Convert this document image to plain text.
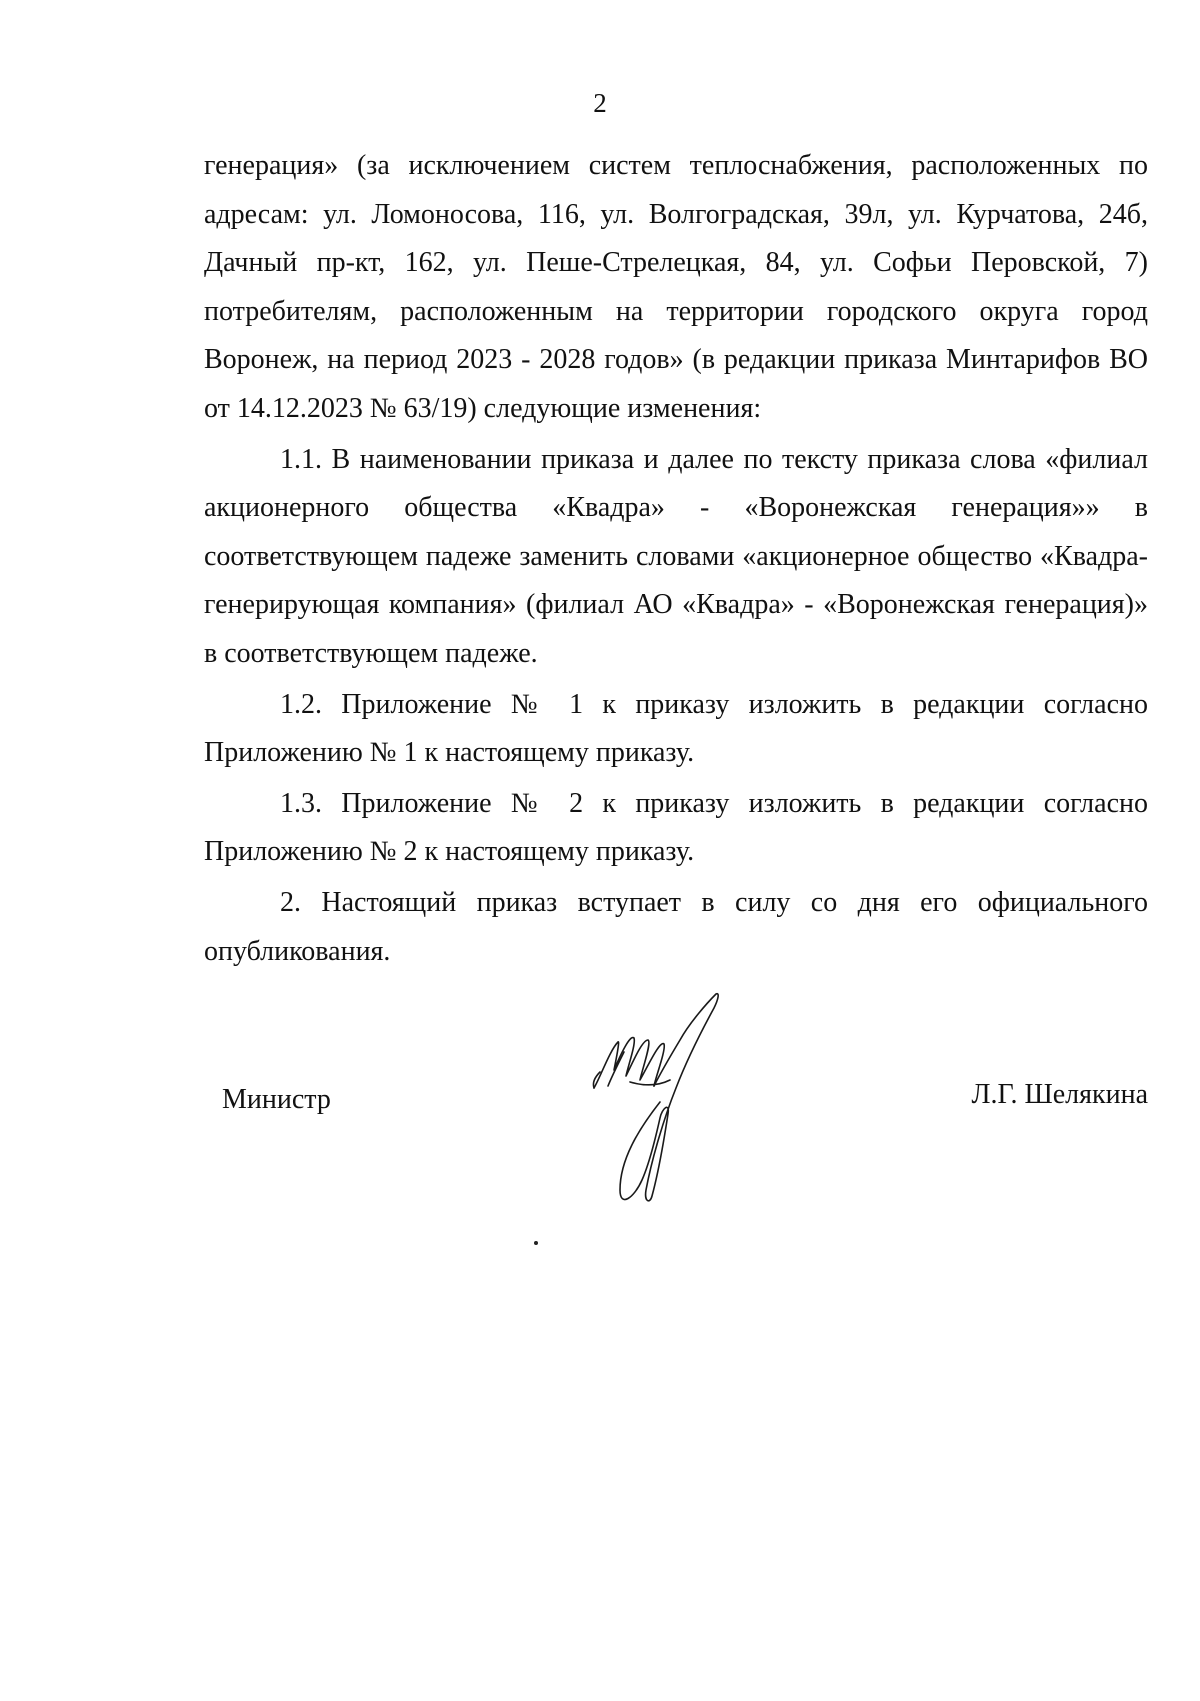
2

генерация» (за исключением систем теплоснабжения, расположенных по адресам: ул. Ломоносова, 116, ул. Волгоградская, 39л, ул. Курчатова, 24б, Дачный пр-кт, 162, ул. Пеше-Стрелецкая, 84, ул. Софьи Перовской, 7) потребителям, расположенным на территории городского округа город Воронеж, на период 2023 - 2028 годов» (в редакции приказа Минтарифов ВО от 14.12.2023 № 63/19) следующие изменения:

1.1. В наименовании приказа и далее по тексту приказа слова «филиал акционерного общества «Квадра» - «Воронежская генерация»» в соответствующем падеже заменить словами «акционерное общество «Квадра-генерирующая компания» (филиал АО «Квадра» - «Воронежская генерация)» в соответствующем падеже.

1.2. Приложение № 1 к приказу изложить в редакции согласно Приложению № 1 к настоящему приказу.

1.3. Приложение № 2 к приказу изложить в редакции согласно Приложению № 2 к настоящему приказу.

2. Настоящий приказ вступает в силу со дня его официального опубликования.

Министр	Л.Г. Шелякина
